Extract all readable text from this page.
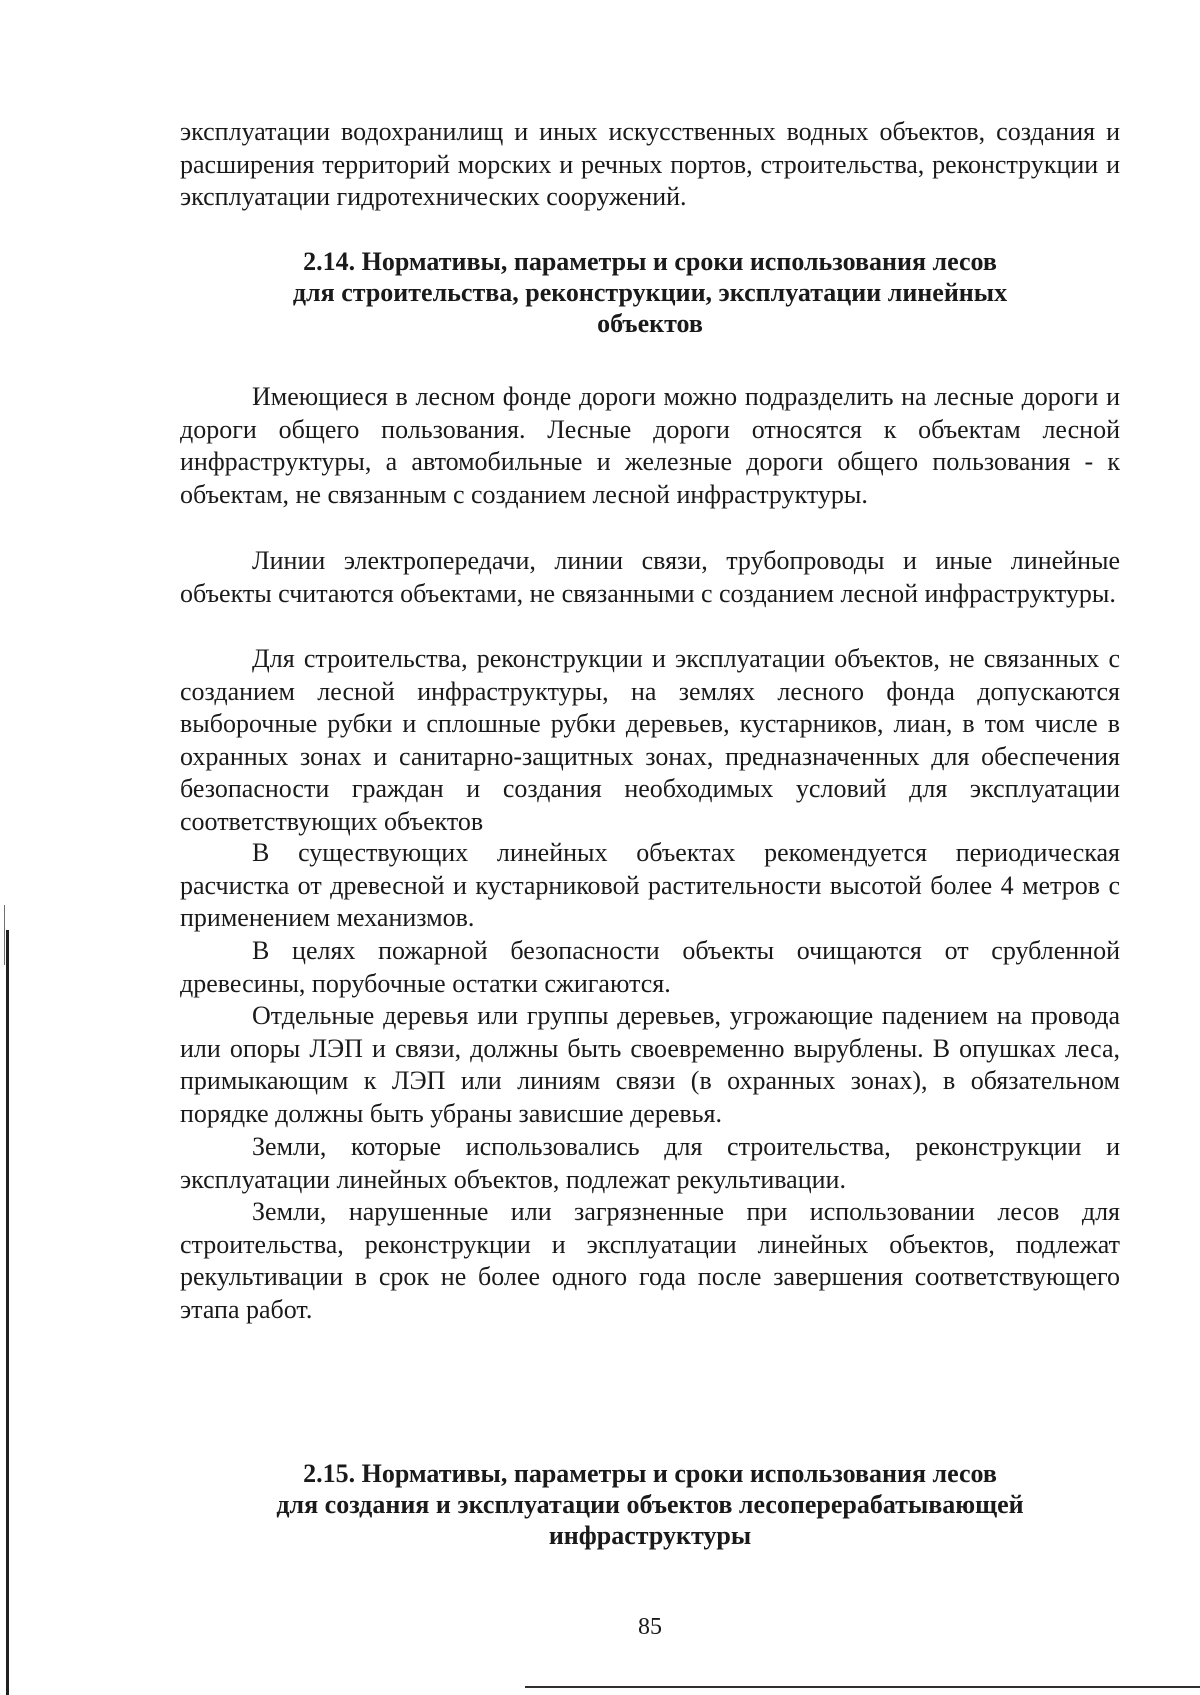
эксплуатации водохранилищ и иных искусственных водных объектов, создания и расширения территорий морских и речных портов, строительства, реконструкции и эксплуатации гидротехнических сооружений.

2.14. Нормативы, параметры и сроки использования лесов
для строительства, реконструкции, эксплуатации линейных
объектов

Имеющиеся в лесном фонде дороги можно подразделить на лесные дороги и дороги общего пользования. Лесные дороги относятся к объектам лесной инфраструктуры, а автомобильные и железные дороги общего пользования - к объектам, не связанным с созданием лесной инфраструктуры.

Линии электропередачи, линии связи, трубопроводы и иные линейные объекты считаются объектами, не связанными с созданием лесной инфраструктуры.

Для строительства, реконструкции и эксплуатации объектов, не связанных с созданием лесной инфраструктуры, на землях лесного фонда допускаются выборочные рубки и сплошные рубки деревьев, кустарников, лиан, в том числе в охранных зонах и санитарно-защитных зонах, предназначенных для обеспечения безопасности граждан и создания необходимых условий для эксплуатации соответствующих объектов

В существующих линейных объектах рекомендуется периодическая расчистка от древесной и кустарниковой растительности высотой более 4 метров с применением механизмов.

В целях пожарной безопасности объекты очищаются от срубленной древесины, порубочные остатки сжигаются.

Отдельные деревья или группы деревьев, угрожающие падением на провода или опоры ЛЭП и связи, должны быть своевременно вырублены. В опушках леса, примыкающим к ЛЭП или линиям связи (в охранных зонах), в обязательном порядке должны быть убраны зависшие деревья.

Земли, которые использовались для строительства, реконструкции и эксплуатации линейных объектов, подлежат рекультивации.

Земли, нарушенные или загрязненные при использовании лесов для строительства, реконструкции и эксплуатации линейных объектов, подлежат рекультивации в срок не более одного года после завершения соответствующего этапа работ.

2.15. Нормативы, параметры и сроки использования лесов
для создания и эксплуатации объектов лесоперерабатывающей
инфраструктуры

85
